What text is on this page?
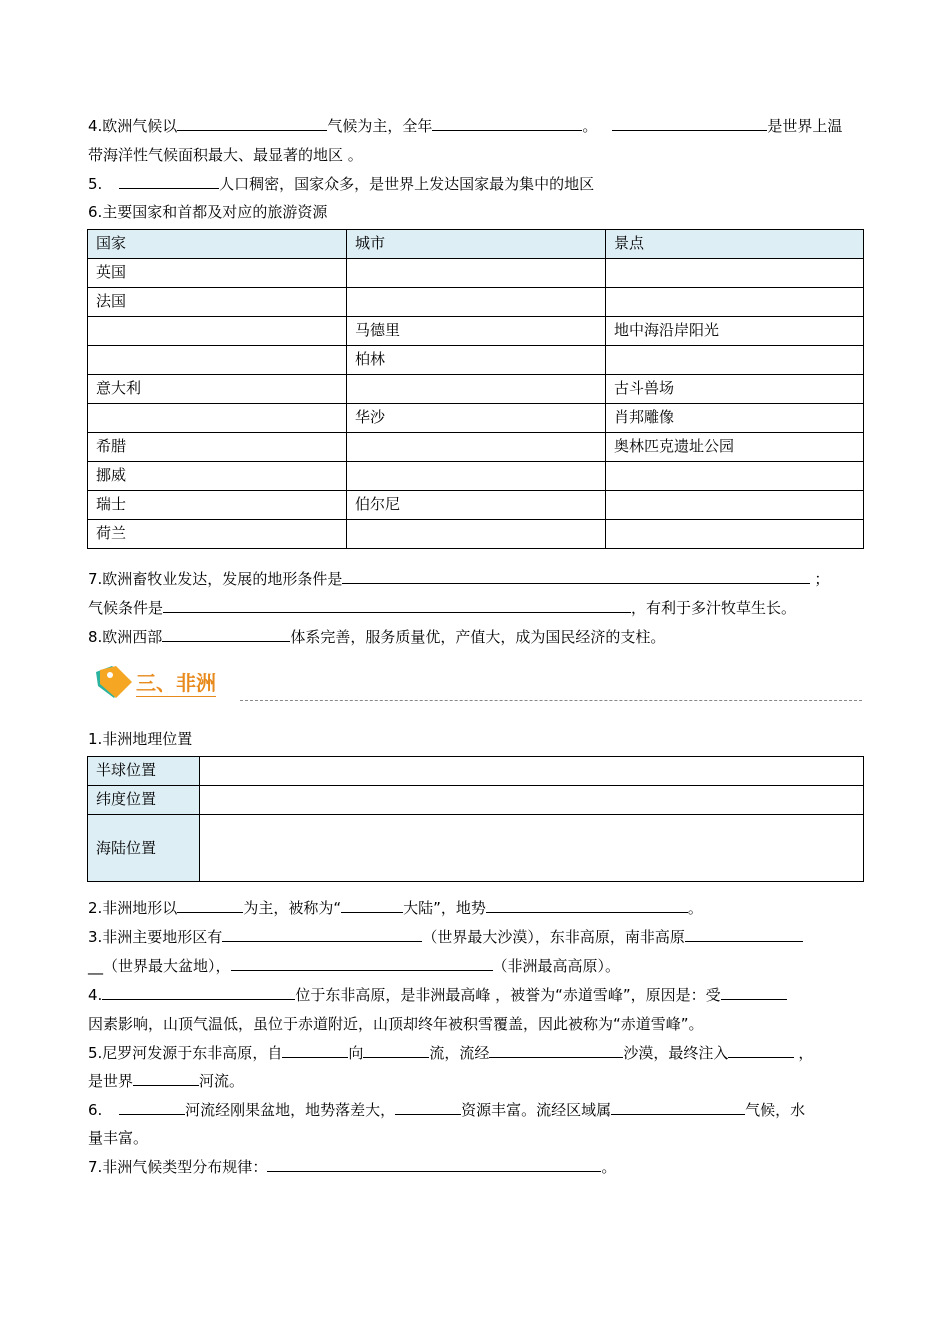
4.欧洲气候以	气候为主，全年	。	是世界上温
带海洋性气候面积最大、最显著的地区 。
5.	人口稠密，国家众多，是世界上发达国家最为集中的地区
6.主要国家和首都及对应的旅游资源
国家	城市	景点
英国		
法国		
	马德里	地中海沿岸阳光
	柏林	
意大利		古斗兽场
	华沙	肖邦雕像
希腊		奥林匹克遗址公园
挪威		
瑞士	伯尔尼	
荷兰		
7.欧洲畜牧业发达，发展的地形条件是	；
气候条件是	，有利于多汁牧草生长。
8.欧洲西部	体系完善，服务质量优，产值大，成为国民经济的支柱。
三、非洲
1.非洲地理位置
半球位置	
纬度位置	
海陆位置	
2.非洲地形以	为主，被称为“	大陆”，地势	。
3.非洲主要地形区有	（世界最大沙漠），东非高原，南非高原
__（世界最大盆地），	（非洲最高高原）。
4.	位于东非高原，是非洲最高峰 ，被誉为“赤道雪峰”，原因是：受
因素影响，山顶气温低，虽位于赤道附近，山顶却终年被积雪覆盖，因此被称为“赤道雪峰”。
5.尼罗河发源于东非高原，自	向	流，流经	沙漠，最终注入	，
是世界	河流。
6.	河流经刚果盆地，地势落差大，	资源丰富。流经区域属	气候，水
量丰富。
7.非洲气候类型分布规律：	。
